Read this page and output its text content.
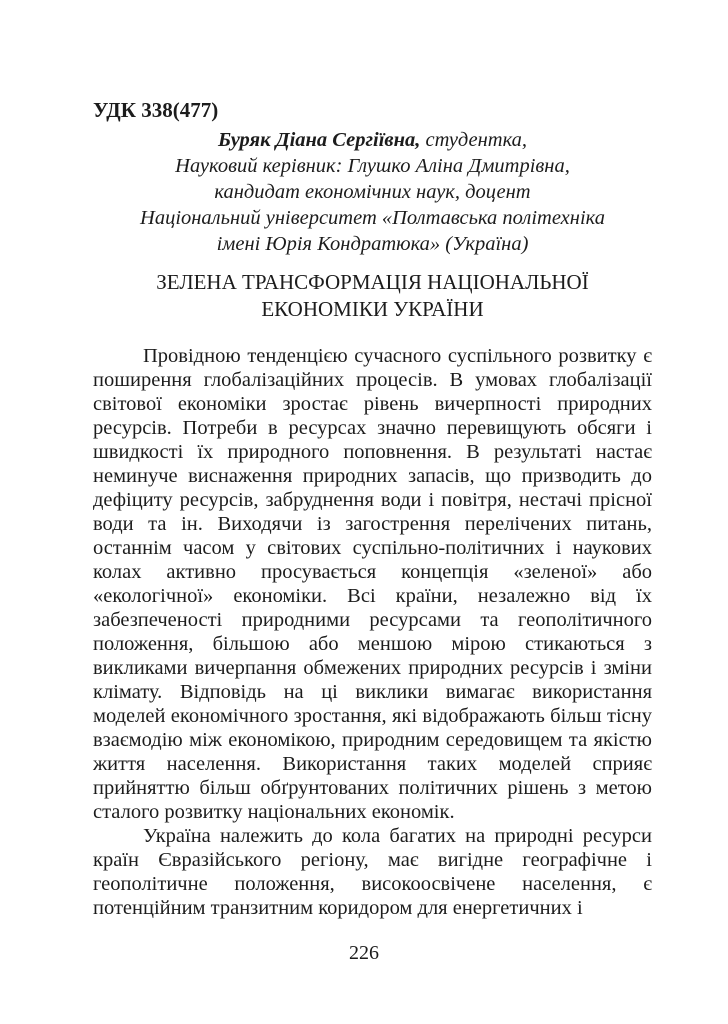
УДК 338(477)
Буряк Діана Сергіївна, студентка,
Науковий керівник: Глушко Аліна Дмитрівна,
кандидат економічних наук, доцент
Національний університет «Полтавська політехніка
імені Юрія Кондратюка» (Україна)
ЗЕЛЕНА ТРАНСФОРМАЦІЯ НАЦІОНАЛЬНОЇ
ЕКОНОМІКИ УКРАЇНИ

Провідною тенденцією сучасного суспільного розвитку є поширення глобалізаційних процесів. В умовах глобалізації світової економіки зростає рівень вичерпності природних ресурсів. Потреби в ресурсах значно перевищують обсяги і швидкості їх природного поповнення. В результаті настає неминуче виснаження природних запасів, що призводить до дефіциту ресурсів, забруднення води і повітря, нестачі прісної води та ін. Виходячи із загострення перелічених питань, останнім часом у світових суспільно-політичних і наукових колах активно просувається концепція «зеленої» або «екологічної» економіки. Всі країни, незалежно від їх забезпеченості природними ресурсами та геополітичного положення, більшою або меншою мірою стикаються з викликами вичерпання обмежених природних ресурсів і зміни клімату. Відповідь на ці виклики вимагає використання моделей економічного зростання, які відображають більш тісну взаємодію між економікою, природним середовищем та якістю життя населення. Використання таких моделей сприяє прийняттю більш обґрунтованих політичних рішень з метою сталого розвитку національних економік.

Україна належить до кола багатих на природні ресурси країн Євразійського регіону, має вигідне географічне і геополітичне положення, високоосвічене населення, є потенційним транзитним коридором для енергетичних і

226
